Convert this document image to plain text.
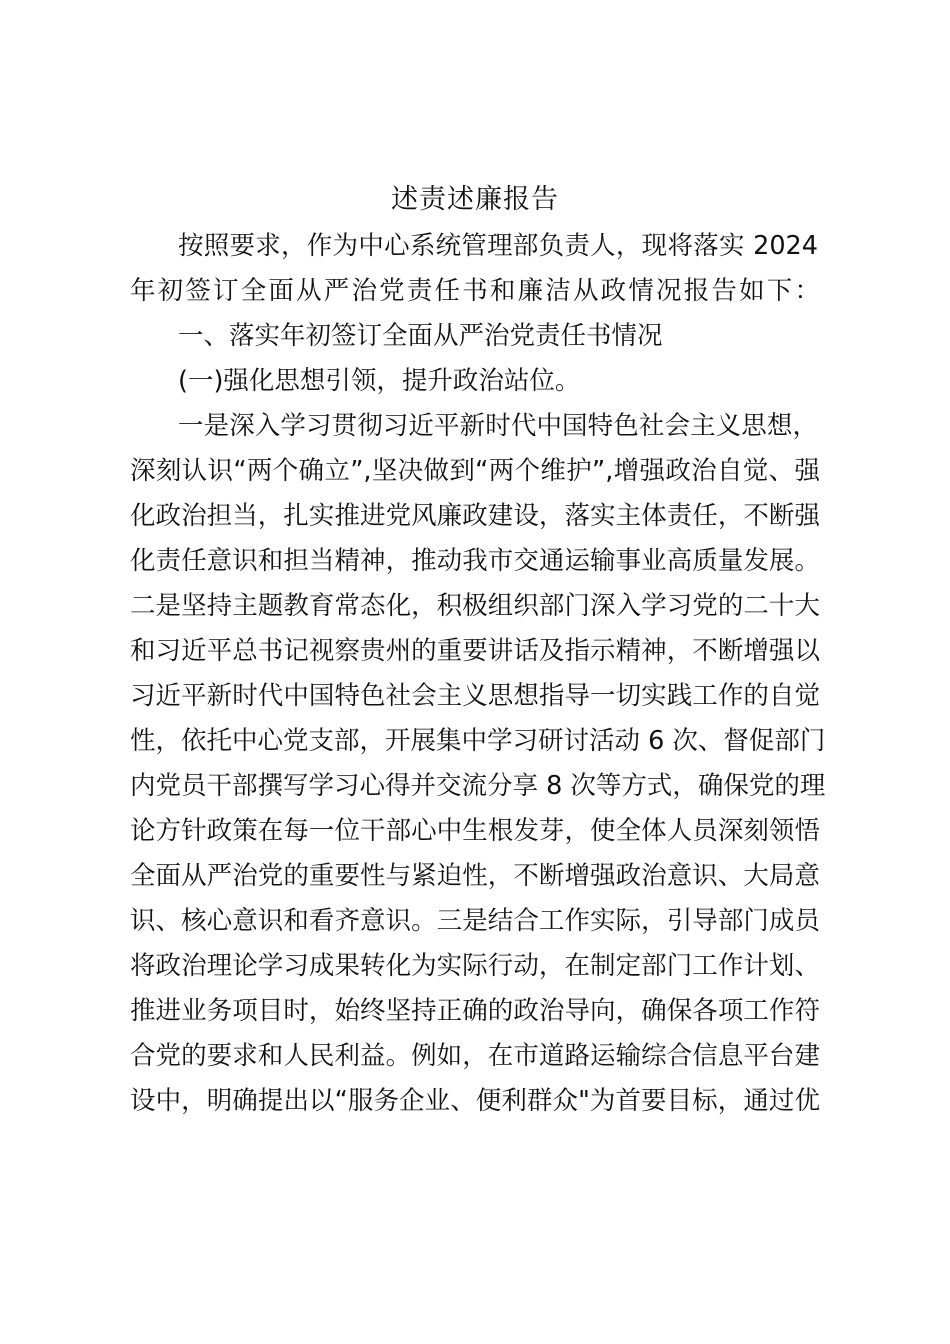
述责述廉报告
按照要求，作为中心系统管理部负责人，现将落实 2024
年初签订全面从严治党责任书和廉洁从政情况报告如下：
一、落实年初签订全面从严治党责任书情况
(一)强化思想引领，提升政治站位。
一是深入学习贯彻习近平新时代中国特色社会主义思想，
深刻认识“两个确立”,坚决做到“两个维护”,增强政治自觉、强
化政治担当，扎实推进党风廉政建设，落实主体责任，不断强
化责任意识和担当精神，推动我市交通运输事业高质量发展。
二是坚持主题教育常态化，积极组织部门深入学习党的二十大
和习近平总书记视察贵州的重要讲话及指示精神，不断增强以
习近平新时代中国特色社会主义思想指导一切实践工作的自觉
性，依托中心党支部，开展集中学习研讨活动 6 次、督促部门
内党员干部撰写学习心得并交流分享 8 次等方式，确保党的理
论方针政策在每一位干部心中生根发芽，使全体人员深刻领悟
全面从严治党的重要性与紧迫性，不断增强政治意识、大局意
识、核心意识和看齐意识。三是结合工作实际，引导部门成员
将政治理论学习成果转化为实际行动，在制定部门工作计划、
推进业务项目时，始终坚持正确的政治导向，确保各项工作符
合党的要求和人民利益。例如，在市道路运输综合信息平台建
设中，明确提出以“服务企业、便利群众"为首要目标，通过优
